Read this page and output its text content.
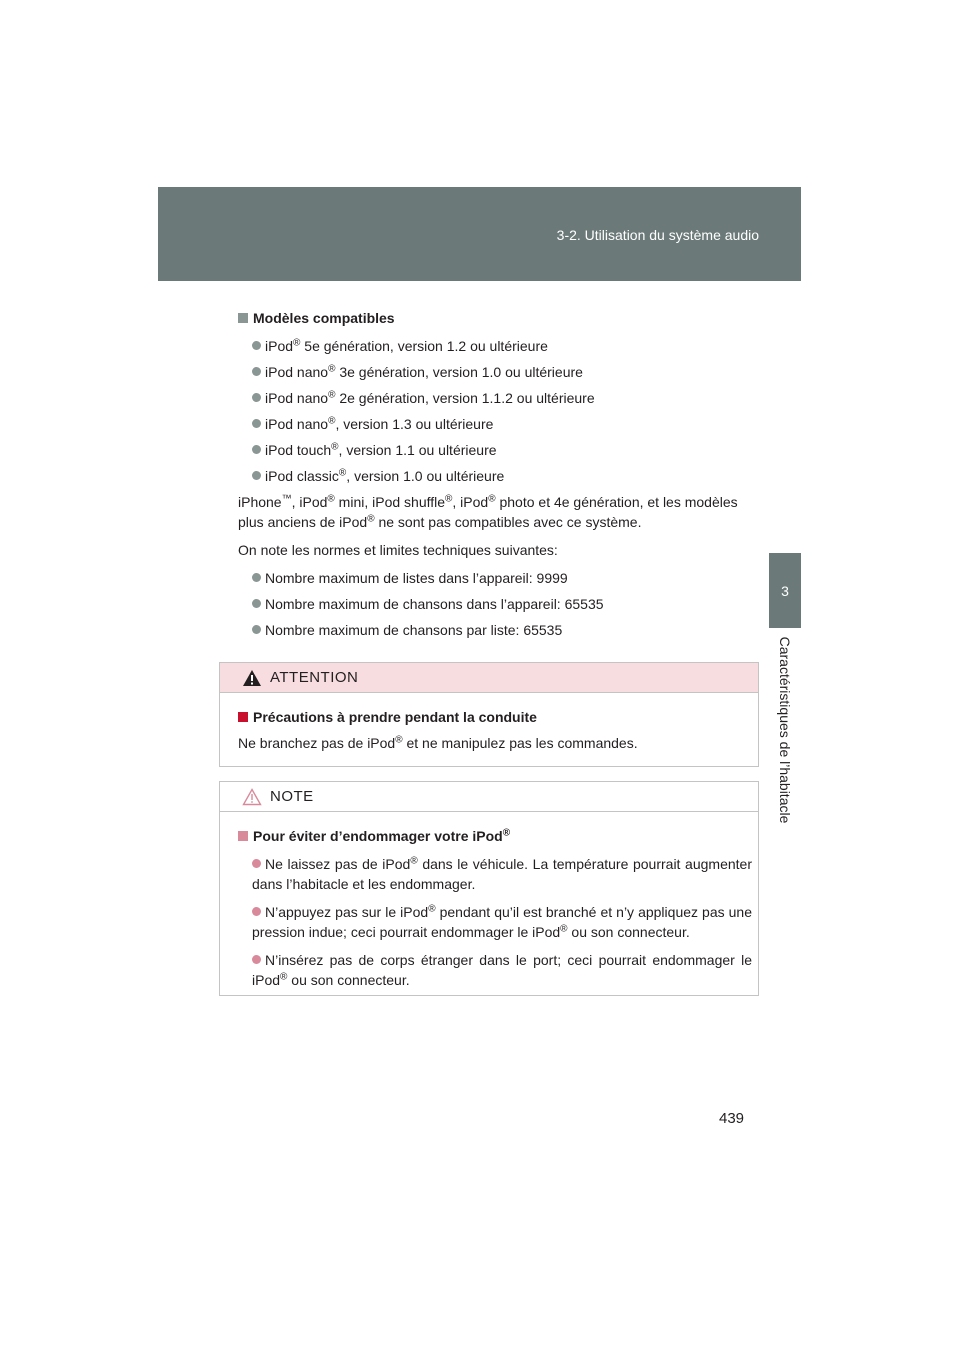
3-2. Utilisation du système audio
3
Caractéristiques de l’habitacle
Modèles compatibles
iPod® 5e génération, version 1.2 ou ultérieure
iPod nano® 3e génération, version 1.0 ou ultérieure
iPod nano® 2e génération, version 1.1.2 ou ultérieure
iPod nano®, version 1.3 ou ultérieure
iPod touch®, version 1.1 ou ultérieure
iPod classic®, version 1.0 ou ultérieure
iPhone™, iPod® mini, iPod shuffle®, iPod® photo et 4e génération, et les modèles plus anciens de iPod® ne sont pas compatibles avec ce système.
On note les normes et limites techniques suivantes:
Nombre maximum de listes dans l’appareil: 9999
Nombre maximum de chansons dans l’appareil: 65535
Nombre maximum de chansons par liste: 65535
ATTENTION
Précautions à prendre pendant la conduite
Ne branchez pas de iPod® et ne manipulez pas les commandes.
NOTE
Pour éviter d’endommager votre iPod®
Ne laissez pas de iPod® dans le véhicule. La température pourrait augmenter dans l’habitacle et les endommager.
N’appuyez pas sur le iPod® pendant qu’il est branché et n’y appliquez pas une pression indue; ceci pourrait endommager le iPod® ou son connecteur.
N’insérez pas de corps étranger dans le port; ceci pourrait endommager le iPod® ou son connecteur.
439
